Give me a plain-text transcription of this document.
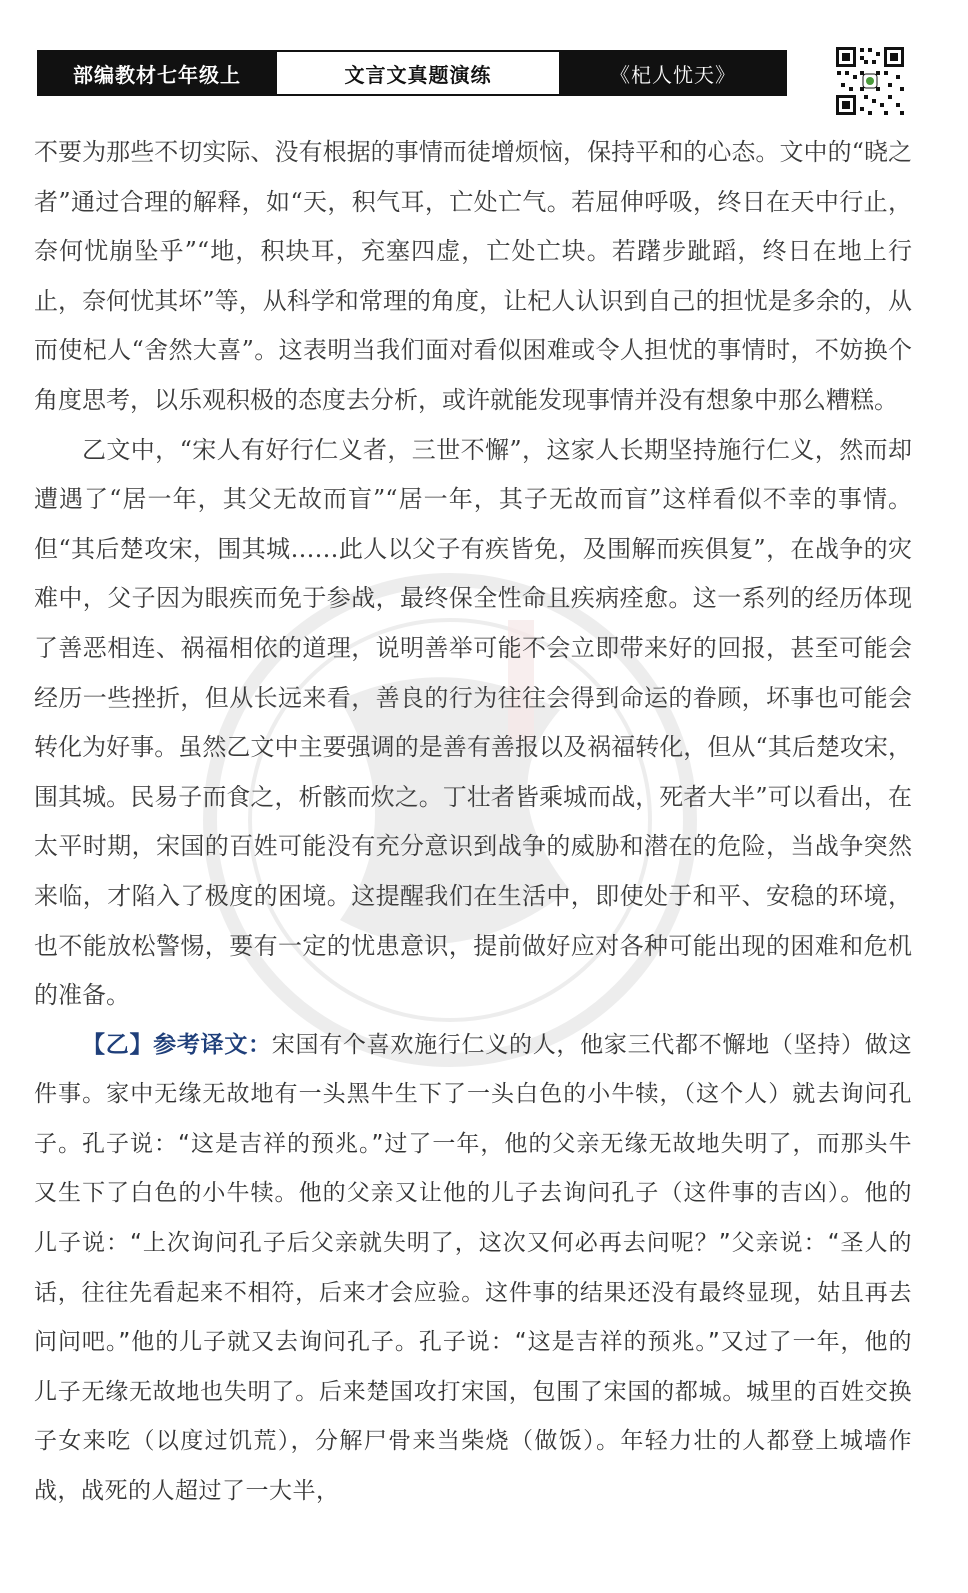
部编教材七年级上	文言文真题演练	《杞人忧天》

不要为那些不切实际、没有根据的事情而徒增烦恼，保持平和的心态。文中的“晓之者”通过合理的解释，如“天，积气耳，亡处亡气。若屈伸呼吸，终日在天中行止，奈何忧崩坠乎”“地，积块耳，充塞四虚，亡处亡块。若躇步跐蹈，终日在地上行止，奈何忧其坏”等，从科学和常理的角度，让杞人认识到自己的担忧是多余的，从而使杞人“舍然大喜”。这表明当我们面对看似困难或令人担忧的事情时，不妨换个角度思考，以乐观积极的态度去分析，或许就能发现事情并没有想象中那么糟糕。

乙文中，“宋人有好行仁义者，三世不懈”，这家人长期坚持施行仁义，然而却遭遇了“居一年，其父无故而盲”“居一年，其子无故而盲”这样看似不幸的事情。但“其后楚攻宋，围其城……此人以父子有疾皆免，及围解而疾俱复”，在战争的灾难中，父子因为眼疾而免于参战，最终保全性命且疾病痊愈。这一系列的经历体现了善恶相连、祸福相依的道理，说明善举可能不会立即带来好的回报，甚至可能会经历一些挫折，但从长远来看，善良的行为往往会得到命运的眷顾，坏事也可能会转化为好事。虽然乙文中主要强调的是善有善报以及祸福转化，但从“其后楚攻宋，围其城。民易子而食之，析骸而炊之。丁壮者皆乘城而战，死者大半”可以看出，在太平时期，宋国的百姓可能没有充分意识到战争的威胁和潜在的危险，当战争突然来临，才陷入了极度的困境。这提醒我们在生活中，即使处于和平、安稳的环境，也不能放松警惕，要有一定的忧患意识，提前做好应对各种可能出现的困难和危机的准备。

【乙】参考译文：宋国有个喜欢施行仁义的人，他家三代都不懈地（坚持）做这件事。家中无缘无故地有一头黑牛生下了一头白色的小牛犊，（这个人）就去询问孔子。孔子说：“这是吉祥的预兆。”过了一年，他的父亲无缘无故地失明了，而那头牛又生下了白色的小牛犊。他的父亲又让他的儿子去询问孔子（这件事的吉凶）。他的儿子说：“上次询问孔子后父亲就失明了，这次又何必再去问呢？”父亲说：“圣人的话，往往先看起来不相符，后来才会应验。这件事的结果还没有最终显现，姑且再去问问吧。”他的儿子就又去询问孔子。孔子说：“这是吉祥的预兆。”又过了一年，他的儿子无缘无故地也失明了。后来楚国攻打宋国，包围了宋国的都城。城里的百姓交换子女来吃（以度过饥荒），分解尸骨来当柴烧（做饭）。年轻力壮的人都登上城墙作战，战死的人超过了一大半，
